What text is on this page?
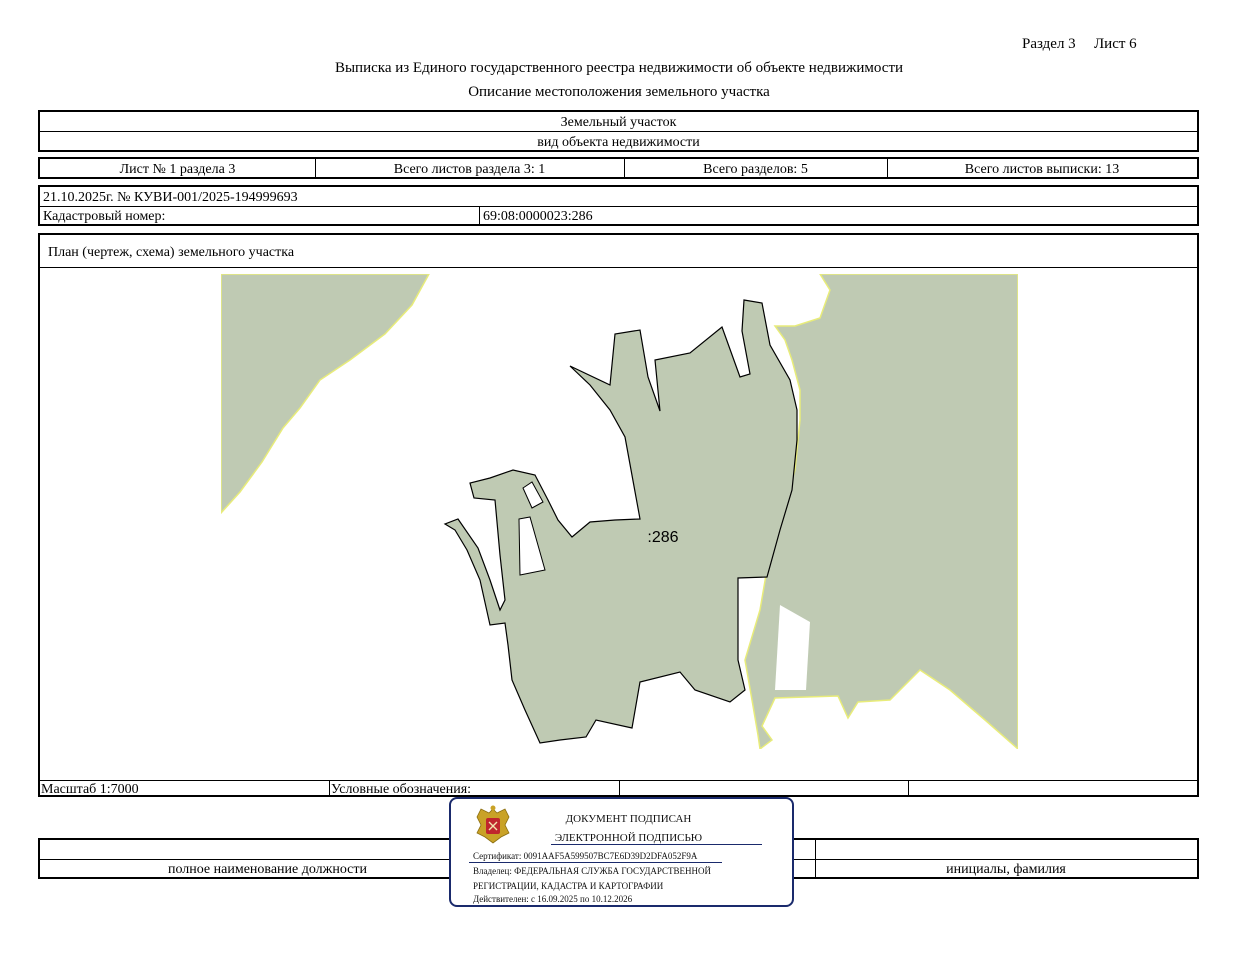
Раздел 3 Лист 6
Выписка из Единого государственного реестра недвижимости об объекте недвижимости
Описание местоположения земельного участка
Земельный участок
вид объекта недвижимости
Лист № 1 раздела 3	Всего листов раздела 3: 1	Всего разделов: 5	Всего листов выписки: 13
21.10.2025г. № КУВИ-001/2025-194999693
Кадастровый номер:	69:08:0000023:286
План (чертеж, схема) земельного участка
Масштаб 1:7000	Условные обозначения:
:286
полное наименование должности	инициалы, фамилия
ДОКУМЕНТ ПОДПИСАН
ЭЛЕКТРОННОЙ ПОДПИСЬЮ
Сертификат: 0091AAF5A599507BC7E6D39D2DFA052F9A
Владелец: ФЕДЕРАЛЬНАЯ СЛУЖБА ГОСУДАРСТВЕННОЙ
РЕГИСТРАЦИИ, КАДАСТРА И КАРТОГРАФИИ
Действителен: с 16.09.2025 по 10.12.2026
